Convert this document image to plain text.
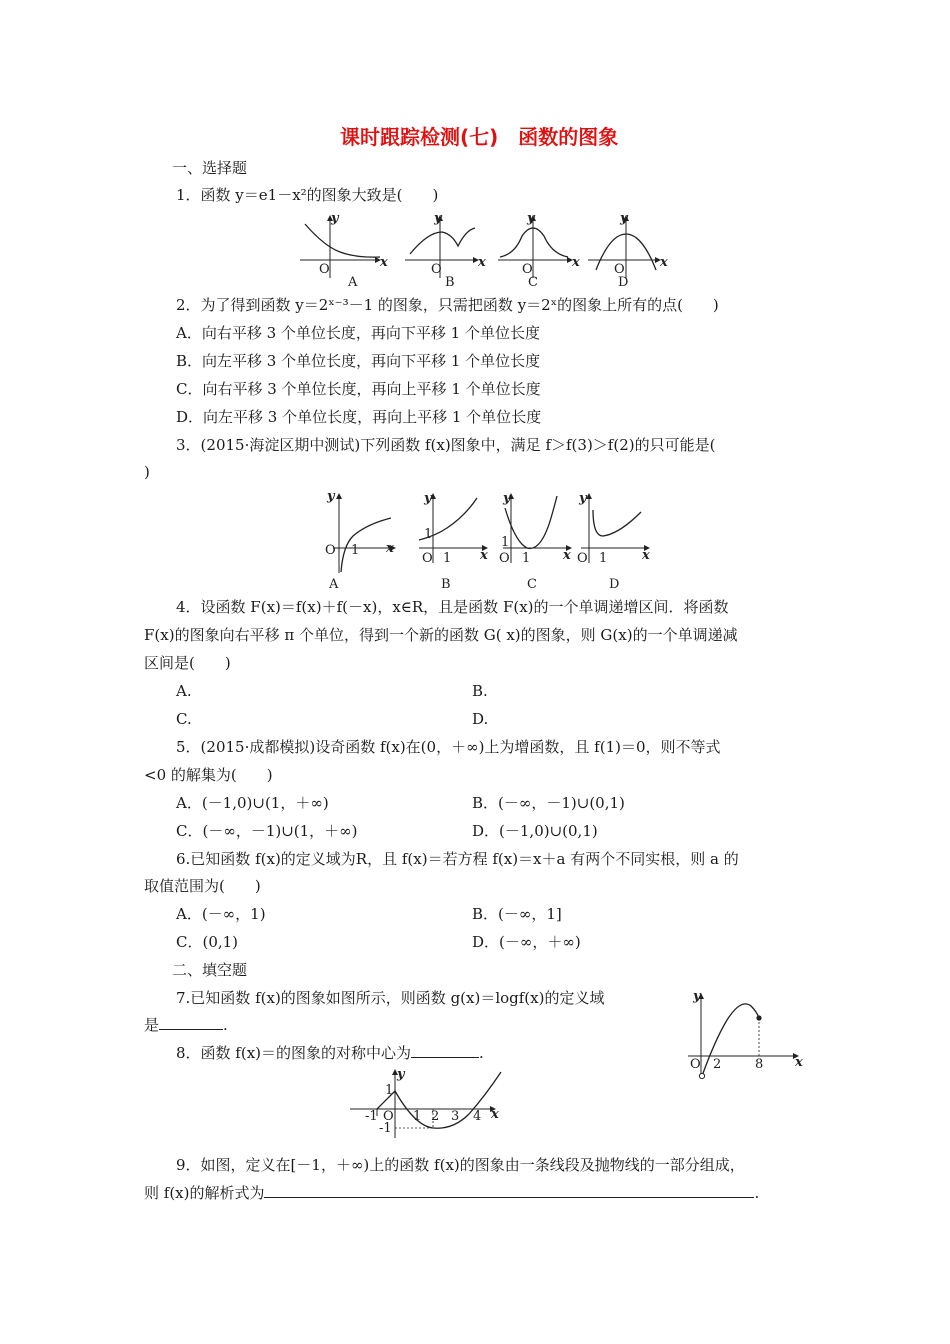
课时跟踪检测(七)　函数的图象
一、选择题
1．函数 y＝e1－x²的图象大致是(　　)
y
x
O
A
y
x
O
B
y
x
O
C
y
x
O
D
2．为了得到函数 y＝2ˣ⁻³－1 的图象，只需把函数 y＝2ˣ的图象上所有的点(　　)
A．向右平移 3 个单位长度，再向下平移 1 个单位长度
B．向左平移 3 个单位长度，再向下平移 1 个单位长度
C．向右平移 3 个单位长度，再向上平移 1 个单位长度
D．向左平移 3 个单位长度，再向上平移 1 个单位长度
3．(2015·海淀区期中测试)下列函数 f(x)图象中，满足 f＞f(3)＞f(2)的只可能是(
)
y
x
O 1
A
y
x
O
1
1
B
y
x
O
1
1
C
y
x
O 1
D
4．设函数 F(x)＝f(x)＋f(－x)，x∈R，且是函数 F(x)的一个单调递增区间．将函数
F(x)的图象向右平移 π 个单位，得到一个新的函数 G( x)的图象，则 G(x)的一个单调递减
区间是(　　)
A.	B.
C.	D.
5．(2015·成都模拟)设奇函数 f(x)在(0，＋∞)上为增函数，且 f(1)＝0，则不等式
<0 的解集为(　　)
A．(－1,0)∪(1，＋∞)	B．(－∞，－1)∪(0,1)
C．(－∞，－1)∪(1，＋∞)	D．(－1,0)∪(0,1)
6.已知函数 f(x)的定义域为R，且 f(x)＝若方程 f(x)＝x＋a 有两个不同实根，则 a 的
取值范围为(　　)
A．(－∞，1)	B．(－∞，1]
C．(0,1)	D．(－∞，＋∞)
二、填空题
7.已知函数 f(x)的图象如图所示，则函数 g(x)＝logf(x)的定义域
是	.
y
x
O 2	8
8．函数 f(x)＝的图象的对称中心为	.
y
x
O
-1	1 2 3 4
1
-1
9．如图，定义在[－1，＋∞)上的函数 f(x)的图象由一条线段及抛物线的一部分组成，
则 f(x)的解析式为	.
